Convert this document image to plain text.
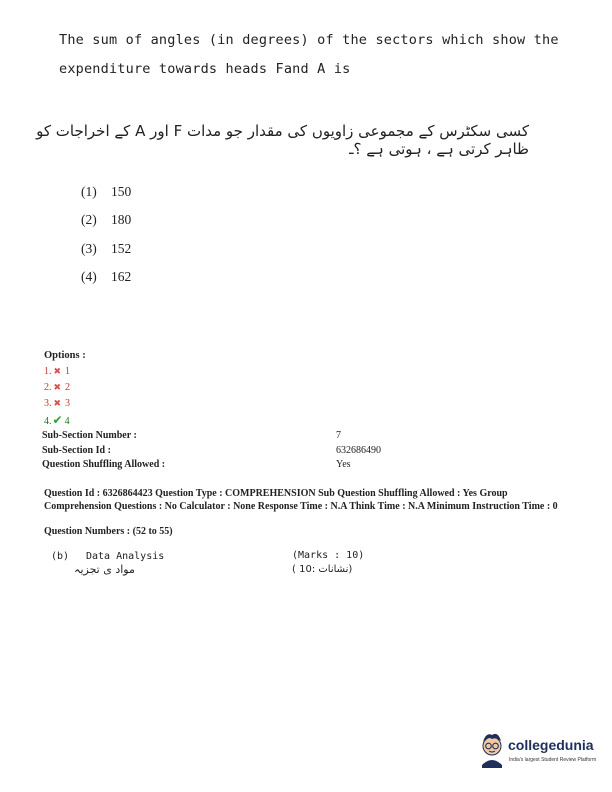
The sum of angles (in degrees) of the sectors which show the
expenditure towards heads Fand A is
کسی سکٹرس کے مجموعی زاویوں کی مقدار جو مدات F اور A کے اخراجات کو ظاہر کرتی ہے ، ہوتی ہے ؟ـ
(1) 150
(2) 180
(3) 152
(4) 162
Options :
1. ✖ 1
2. ✖ 2
3. ✖ 3
4.✔ 4
Sub-Section Number :	7
Sub-Section Id :	632686490
Question Shuffling Allowed :	Yes
Question Id : 6326864423 Question Type : COMPREHENSION Sub Question Shuffling Allowed : Yes Group Comprehension Questions : No Calculator : None Response Time : N.A Think Time : N.A Minimum Instruction Time : 0
Question Numbers : (52 to 55)
(b) Data Analysis
مواد ی تجزیہ
(Marks : 10)
( نشانات :10)
collegedunia
India's largest Student Review Platform
